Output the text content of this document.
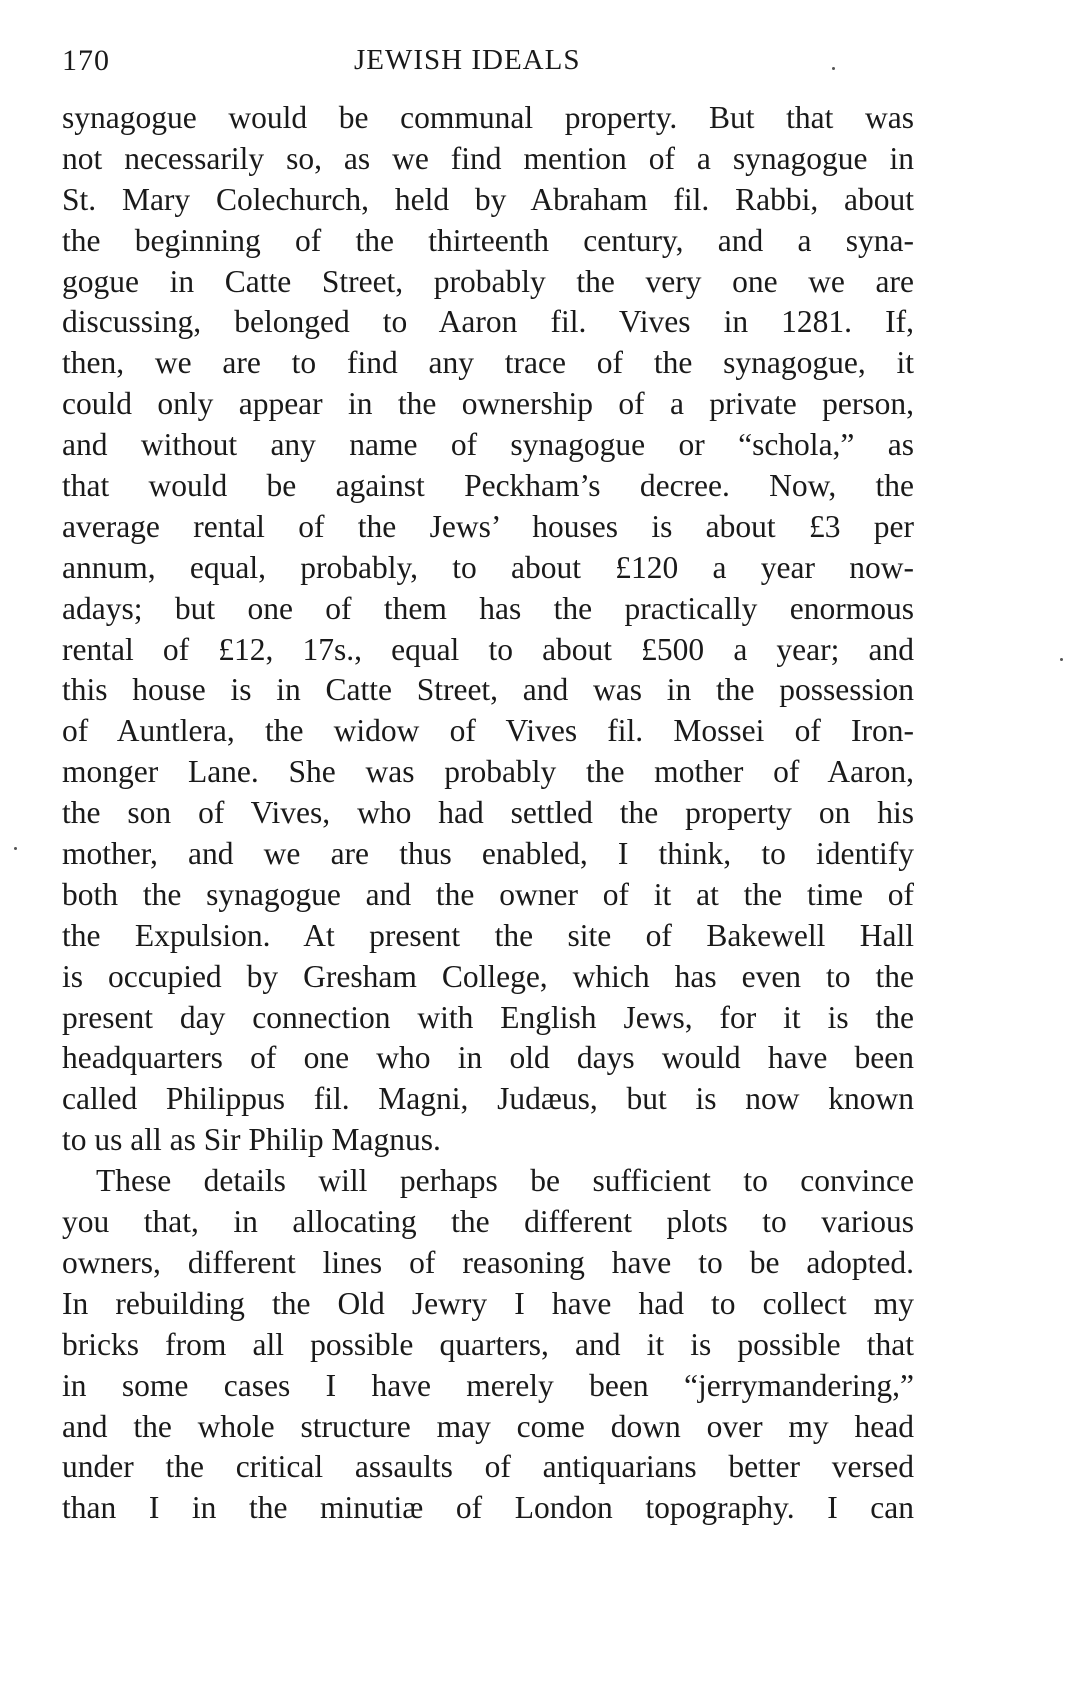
170	JEWISH IDEALS
synagogue would be communal property. But that was
not necessarily so, as we find mention of a synagogue in
St. Mary Colechurch, held by Abraham fil. Rabbi, about
the beginning of the thirteenth century, and a syna-
gogue in Catte Street, probably the very one we are
discussing, belonged to Aaron fil. Vives in 1281. If,
then, we are to find any trace of the synagogue, it
could only appear in the ownership of a private person,
and without any name of synagogue or “schola,” as
that would be against Peckham’s decree. Now, the
average rental of the Jews’ houses is about £3 per
annum, equal, probably, to about £120 a year now-
adays; but one of them has the practically enormous
rental of £12, 17s., equal to about £500 a year; and
this house is in Catte Street, and was in the possession
of Auntlera, the widow of Vives fil. Mossei of Iron-
monger Lane. She was probably the mother of Aaron,
the son of Vives, who had settled the property on his
mother, and we are thus enabled, I think, to identify
both the synagogue and the owner of it at the time of
the Expulsion. At present the site of Bakewell Hall
is occupied by Gresham College, which has even to the
present day connection with English Jews, for it is the
headquarters of one who in old days would have been
called Philippus fil. Magni, Judæus, but is now known
to us all as Sir Philip Magnus.
These details will perhaps be sufficient to convince
you that, in allocating the different plots to various
owners, different lines of reasoning have to be adopted.
In rebuilding the Old Jewry I have had to collect my
bricks from all possible quarters, and it is possible that
in some cases I have merely been “jerrymandering,”
and the whole structure may come down over my head
under the critical assaults of antiquarians better versed
than I in the minutiæ of London topography. I can
